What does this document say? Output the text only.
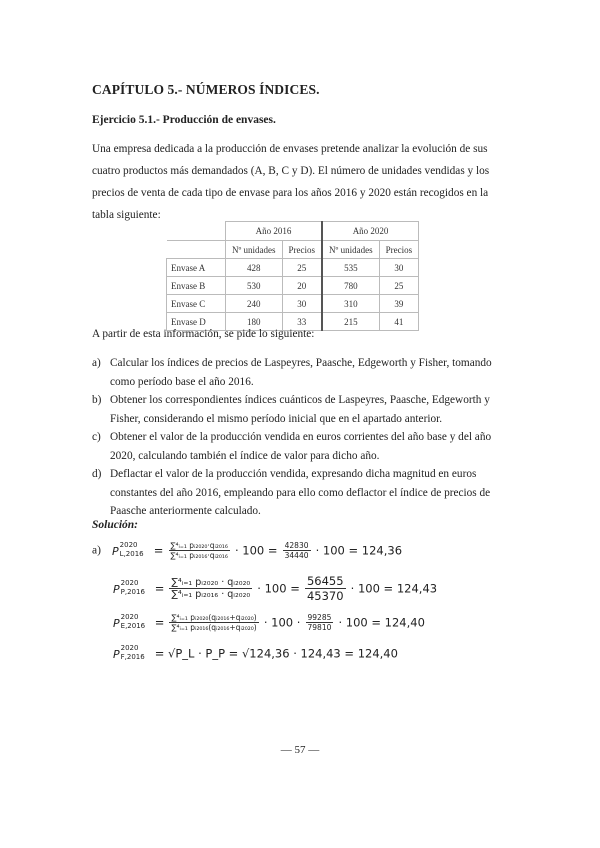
CAPÍTULO 5.- NÚMEROS ÍNDICES.
Ejercicio 5.1.- Producción de envases.
Una empresa dedicada a la producción de envases pretende analizar la evolución de sus
cuatro productos más demandados (A, B, C y D). El número de unidades vendidas y los
precios de venta de cada tipo de envase para los años 2016 y 2020 están recogidos en la
tabla siguiente:
	Año 2016		Año 2020	
	Nº unidades	Precios	Nº unidades	Precios
Envase A	428	25	535	30
Envase B	530	20	780	25
Envase C	240	30	310	39
Envase D	180	33	215	41
A partir de esta información, se pide lo siguiente:
a) Calcular los índices de precios de Laspeyres, Paasche, Edgeworth y Fisher, tomando
como período base el año 2016.
b) Obtener los correspondientes índices cuánticos de Laspeyres, Paasche, Edgeworth y
Fisher, considerando el mismo período inicial que en el apartado anterior.
c) Obtener el valor de la producción vendida en euros corrientes del año base y del año
2020, calculando también el índice de valor para dicho año.
d) Deflactar el valor de la producción vendida, expresando dicha magnitud en euros
constantes del año 2016, empleando para ello como deflactor el índice de precios de
Paasche anteriormente calculado.
Solución:
a) P
2020
$L,2016 = \frac{\text{∑⁴ᵢ₌₁ pᵢ₂₀₂₀·qᵢ₂₀₁₆}}{\text{∑⁴ᵢ₌₁ pᵢ₂₀₁₆·qᵢ₂₀₁₆}} \cdot 100 = \frac{42830}{34440} \cdot 100 = 124,36$
P
2020
$P,2016 = \frac{\text{∑⁴ᵢ₌₁ pᵢ₂₀₂₀ · qᵢ₂₀₂₀}}{\text{∑⁴ᵢ₌₁ pᵢ₂₀₁₆ · qᵢ₂₀₂₀}} \cdot 100 = \frac{56455}{45370} \cdot 100 = 124,43$
P
2020
$E,2016 = \frac{\text{∑⁴ᵢ₌₁ pᵢ₂₀₂₀(qᵢ₂₀₁₆+qᵢ₂₀₂₀)}}{\text{∑⁴ᵢ₌₁ pᵢ₂₀₁₆(qᵢ₂₀₁₆+qᵢ₂₀₂₀)}} \cdot 100 \cdot \frac{99285}{79810} \cdot 100 = 124,40$
P
2020
F,2016 = √P_L · P_P = √124,36 · 124,43 = 124,40
— 57 —
